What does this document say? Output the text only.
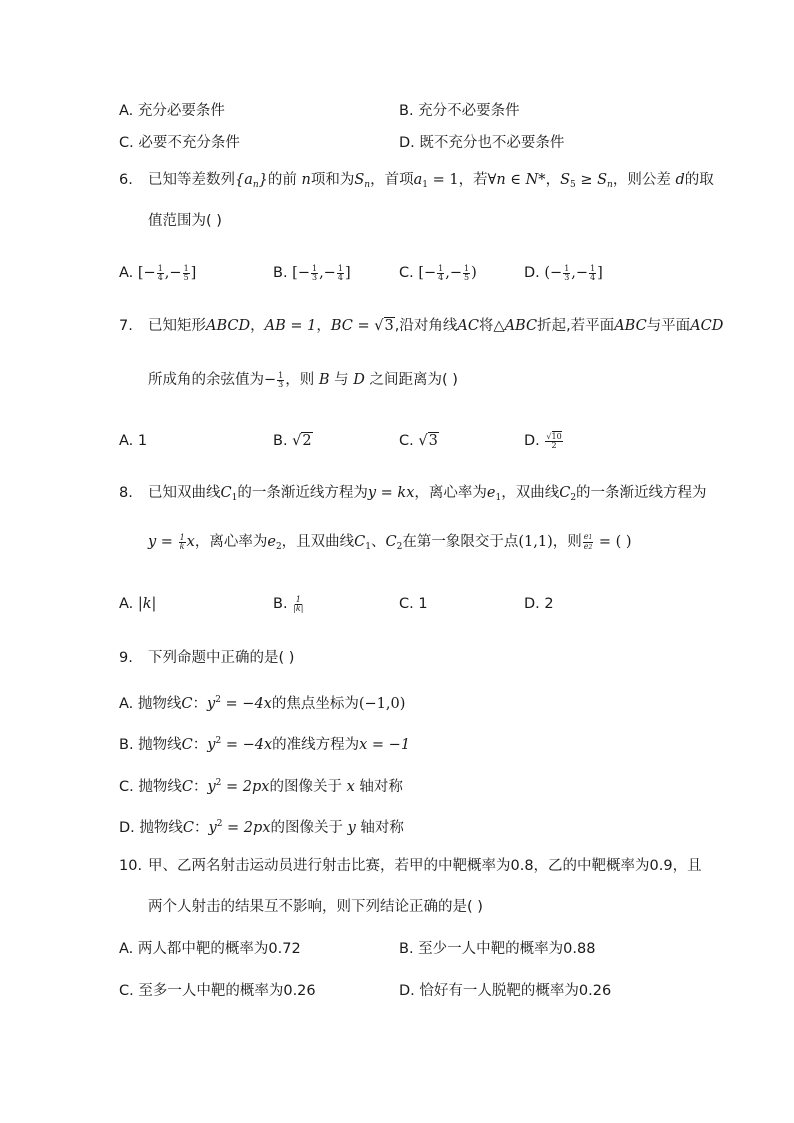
A. 充分必要条件	B. 充分不必要条件
C. 必要不充分条件	D. 既不充分也不必要条件
6. 已知等差数列$\{a_n\}$的前 n项和为$S_n$，首项$a_1 = 1$，若∀n ∈ N*，$S_5 \ge S_n$，则公差 d的取
值范围为( )
A. [− $\frac{1}{4}$ ,− $\frac{1}{5}$ ]	B. [− $\frac{1}{3}$ ,− $\frac{1}{4}$ ]	C. [− $\frac{1}{4}$ ,− $\frac{1}{5}$ )	D. (− $\frac{1}{3}$ ,− $\frac{1}{4}$ ]
7. 已知矩形ABCD，AB = 1，BC = √3,沿对角线AC将△ABC折起,若平面ABC与平面ACD
所成角的余弦值为− $\frac{1}{3}$ ，则 B 与 D 之间距离为( )
A. 1	B. √2	C. √3	D. $\frac{√10}{2}$
8. 已知双曲线$C_1$的一条渐近线方程为y = kx，离心率为$e_1$，双曲线$C_2$的一条渐近线方程为
$y = \frac{1}{k}$ x，离心率为$e_2$，且双曲线$C_1$、$C_2$在第一象限交于点(1,1)，则 $\frac{e1}{e2}$ = ( )
A. |k|	B. $\frac{1}{|k|}$	C. 1	D. 2
9. 下列命题中正确的是( )
A. 抛物线C：$y^2 = -4x$的焦点坐标为(−1,0)
B. 抛物线C：$y^2 = -4x$的准线方程为x = −1
C. 抛物线C：$y^2 = 2px$的图像关于 x 轴对称
D. 抛物线C：$y^2 = 2px$的图像关于 y 轴对称
10. 甲、乙两名射击运动员进行射击比赛，若甲的中靶概率为0.8，乙的中靶概率为0.9，且
两个人射击的结果互不影响，则下列结论正确的是( )
A. 两人都中靶的概率为0.72	B. 至少一人中靶的概率为0.88
C. 至多一人中靶的概率为0.26	D. 恰好有一人脱靶的概率为0.26
